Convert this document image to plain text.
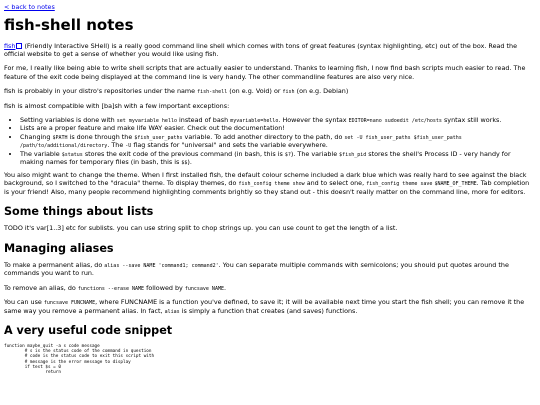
< back to notes
fish-shell notes

fish (Friendly Interactive SHell) is a really good command line shell which comes with tons of great features (syntax highlighting, etc) out of the box. Read the official website to get a sense of whether you would like using fish.

For me, I really like being able to write shell scripts that are actually easier to understand. Thanks to learning fish, I now find bash scripts much easier to read. The feature of the exit code being displayed at the command line is very handy. The other commandline features are also very nice.

fish is probably in your distro's repositories under the name fish-shell (on e.g. Void) or fish (on e.g. Debian)

fish is almost compatible with [ba]sh with a few important exceptions:

• Setting variables is done with set myvariable hello instead of bash myvariable=hello. However the syntax EDITOR=nano sudoedit /etc/hosts syntax still works.
• Lists are a proper feature and make life WAY easier. Check out the documentation!
• Changing $PATH is done through the $fish_user_paths variable. To add another directory to the path, do set -U fish_user_paths $fish_user_paths /path/to/additional/directory. The -U flag stands for "universal" and sets the variable everywhere.
• The variable $status stores the exit code of the previous command (in bash, this is $?). The variable $fish_pid stores the shell's Process ID - very handy for making names for temporary files (in bash, this is $$).

You also might want to change the theme. When I first installed fish, the default colour scheme included a dark blue which was really hard to see against the black background, so I switched to the "dracula" theme. To display themes, do fish_config theme show and to select one, fish_config theme save $NAME_OF_THEME. Tab completion is your friend! Also, many people recommend highlighting comments brightly so they stand out - this doesn't really matter on the command line, more for editors.

Some things about lists

TODO it's var[1..3] etc for sublists. you can use string split to chop strings up. you can use count to get the length of a list.

Managing aliases

To make a permanent alias, do alias --save NAME 'command1; command2'. You can separate multiple commands with semicolons; you should put quotes around the commands you want to run.

To remove an alias, do functions --erase NAME followed by funcsave NAME.

You can use funcsave FUNCNAME, where FUNCNAME is a function you've defined, to save it; it will be available next time you start the fish shell; you can remove it the same way you remove a permanent alias. In fact, alias is simply a function that creates (and saves) functions.

A very useful code snippet
function maybe_quit -a s code message
# s is the status code of the command in question
# code is the status code to exit this script with
# message is the error message to display
if test $s = 0
return
